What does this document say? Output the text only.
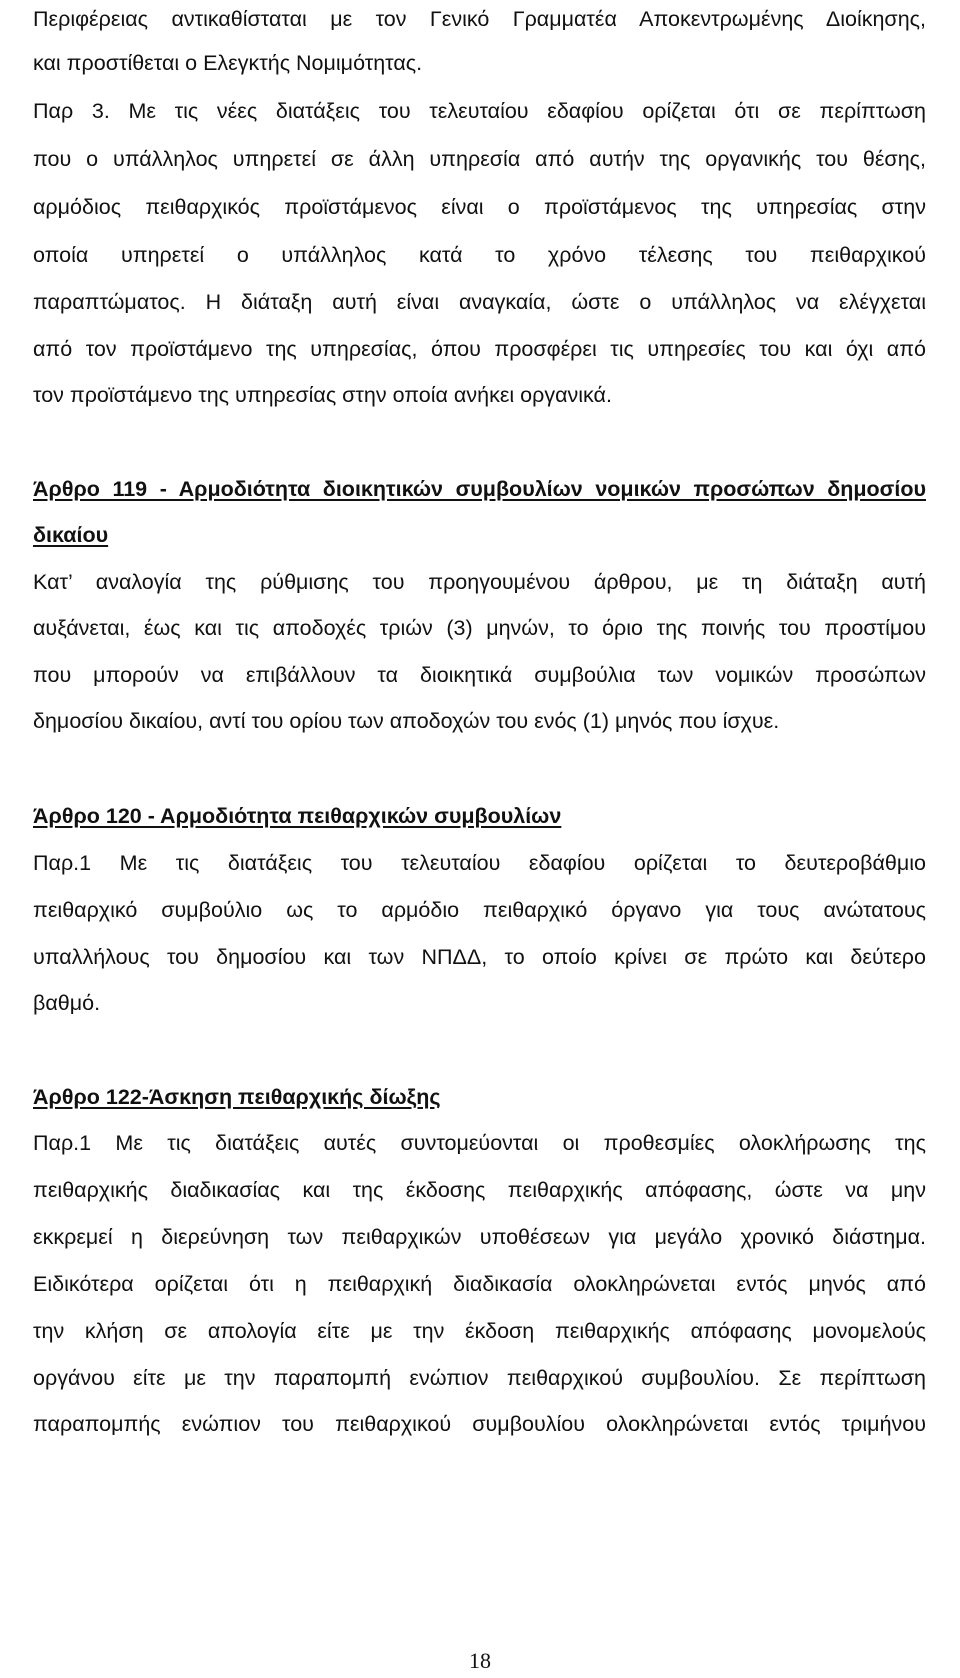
Περιφέρειας αντικαθίσταται με τον Γενικό Γραμματέα Αποκεντρωμένης Διοίκησης,
και προστίθεται ο Ελεγκτής Νομιμότητας.
Παρ 3. Με τις νέες διατάξεις του τελευταίου εδαφίου ορίζεται ότι σε περίπτωση
που ο υπάλληλος υπηρετεί σε άλλη υπηρεσία από αυτήν της οργανικής του θέσης,
αρμόδιος πειθαρχικός προϊστάμενος είναι ο προϊστάμενος της υπηρεσίας στην
οποία υπηρετεί ο υπάλληλος κατά το χρόνο τέλεσης του πειθαρχικού
παραπτώματος. Η διάταξη αυτή είναι αναγκαία, ώστε ο υπάλληλος να ελέγχεται
από τον προϊστάμενο της υπηρεσίας, όπου προσφέρει τις υπηρεσίες του και όχι από
τον προϊστάμενο της υπηρεσίας στην οποία ανήκει οργανικά.
Άρθρο 119 - Αρμοδιότητα διοικητικών συμβουλίων νομικών προσώπων δημοσίου
δικαίου
Κατ’ αναλογία της ρύθμισης του προηγουμένου άρθρου, με τη διάταξη αυτή
αυξάνεται, έως και τις αποδοχές τριών (3) μηνών, το όριο της ποινής του προστίμου
που μπορούν να επιβάλλουν τα διοικητικά συμβούλια των νομικών προσώπων
δημοσίου δικαίου, αντί του ορίου των αποδοχών του ενός (1) μηνός που ίσχυε.
Άρθρο 120 - Αρμοδιότητα πειθαρχικών συμβουλίων
Παρ.1 Με τις διατάξεις του τελευταίου εδαφίου ορίζεται το δευτεροβάθμιο
πειθαρχικό συμβούλιο ως το αρμόδιο πειθαρχικό όργανο για τους ανώτατους
υπαλλήλους του δημοσίου και των ΝΠΔΔ, το οποίο κρίνει σε πρώτο και δεύτερο
βαθμό.
Άρθρο 122-Άσκηση πειθαρχικής δίωξης
Παρ.1 Με τις διατάξεις αυτές συντομεύονται οι προθεσμίες ολοκλήρωσης της
πειθαρχικής διαδικασίας και της έκδοσης πειθαρχικής απόφασης, ώστε να μην
εκκρεμεί η διερεύνηση των πειθαρχικών υποθέσεων για μεγάλο χρονικό διάστημα.
Ειδικότερα ορίζεται ότι η πειθαρχική διαδικασία ολοκληρώνεται εντός μηνός από
την κλήση σε απολογία είτε με την έκδοση πειθαρχικής απόφασης μονομελούς
οργάνου είτε με την παραπομπή ενώπιον πειθαρχικού συμβουλίου. Σε περίπτωση
παραπομπής ενώπιον του πειθαρχικού συμβουλίου ολοκληρώνεται εντός τριμήνου
18
